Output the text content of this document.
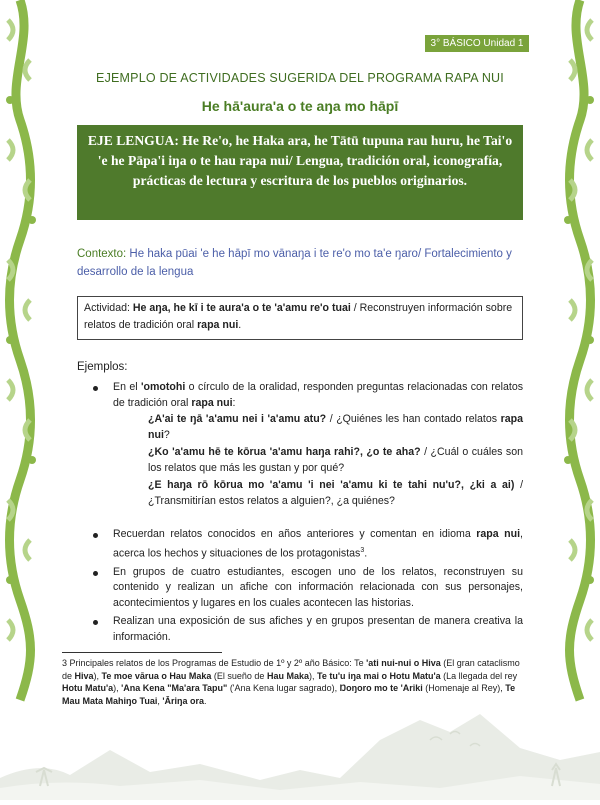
3° BÁSICO Unidad 1
EJEMPLO DE ACTIVIDADES SUGERIDA DEL PROGRAMA RAPA NUI
He hā'aura'a o te aŋa mo hāpī
EJE LENGUA: He Re'o, he Haka ara, he Tātū tupuna rau huru, he Tai'o 'e he Pāpa'i iŋa o te hau rapa nui/ Lengua, tradición oral, iconografía, prácticas de lectura y escritura de los pueblos originarios.
Contexto: He haka pūai 'e he hāpī mo vānaŋa i te re'o mo ta'e ŋaro/ Fortalecimiento y desarrollo de la lengua
Actividad: He aŋa, he kī i te aura'a o te 'a'amu re'o tuai / Reconstruyen información sobre relatos de tradición oral rapa nui.
Ejemplos:
En el 'omotohi o círculo de la oralidad, responden preguntas relacionadas con relatos de tradición oral rapa nui:

¿A'ai te ŋā 'a'amu nei i 'a'amu atu? / ¿Quiénes les han contado relatos rapa nui?

¿Ko 'a'amu hē te kōrua 'a'amu haŋa rahi?, ¿o te aha? / ¿Cuál o cuáles son los relatos que más les gustan y por qué?

¿E haŋa rō kōrua mo 'a'amu 'i nei 'a'amu ki te tahi nu'u?, ¿ki a ai) / ¿Transmitirían estos relatos a alguien?, ¿a quiénes?

Recuerdan relatos conocidos en años anteriores y comentan en idioma rapa nui, acerca los hechos y situaciones de los protagonistas$^3$.
En grupos de cuatro estudiantes, escogen uno de los relatos, reconstruyen su contenido y realizan un afiche con información relacionada con sus personajes, acontecimientos y lugares en los cuales acontecen las historias.
Realizan una exposición de sus afiches y en grupos presentan de manera creativa la información.
3 Principales relatos de los Programas de Estudio de 1º y 2º año Básico: Te 'ati nui-nui o Hiva (El gran cataclismo de Hiva), Te moe vārua o Hau Maka (El sueño de Hau Maka), Te tu'u iŋa mai o Hotu Matu'a (La llegada del rey Hotu Matu'a), 'Ana Kena "Ma'ara Tapu" ('Ana Kena lugar sagrado), Ŋoŋoro mo te 'Ariki (Homenaje al Rey), Te Mau Mata Mahiŋo Tuai, 'Āriŋa ora.
